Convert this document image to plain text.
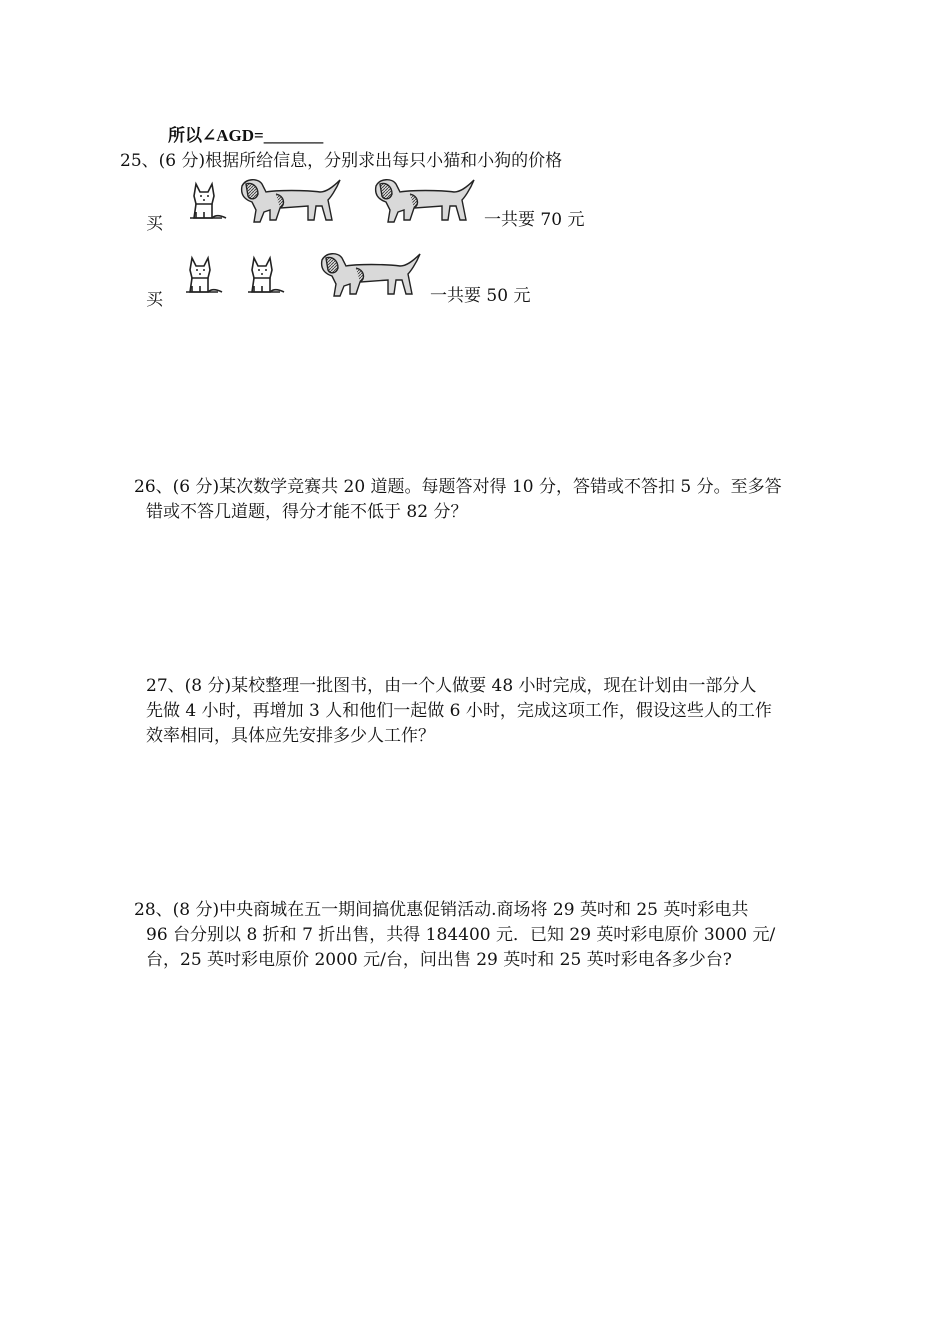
所以∠AGD=_______
25、(6 分)根据所给信息，分别求出每只小猫和小狗的价格
买	一共要 70 元
买	一共要 50 元
26、(6 分)某次数学竞赛共 20 道题。每题答对得 10 分，答错或不答扣 5 分。至多答
错或不答几道题，得分才能不低于 82 分？
27、(8 分)某校整理一批图书，由一个人做要 48 小时完成，现在计划由一部分人
先做 4 小时，再增加 3 人和他们一起做 6 小时，完成这项工作，假设这些人的工作
效率相同，具体应先安排多少人工作？
28、(8 分)中央商城在五一期间搞优惠促销活动.商场将 29 英吋和 25 英吋彩电共
96 台分别以 8 折和 7 折出售，共得 184400 元．已知 29 英吋彩电原价 3000 元/
台，25 英吋彩电原价 2000 元/台，问出售 29 英吋和 25 英吋彩电各多少台?
